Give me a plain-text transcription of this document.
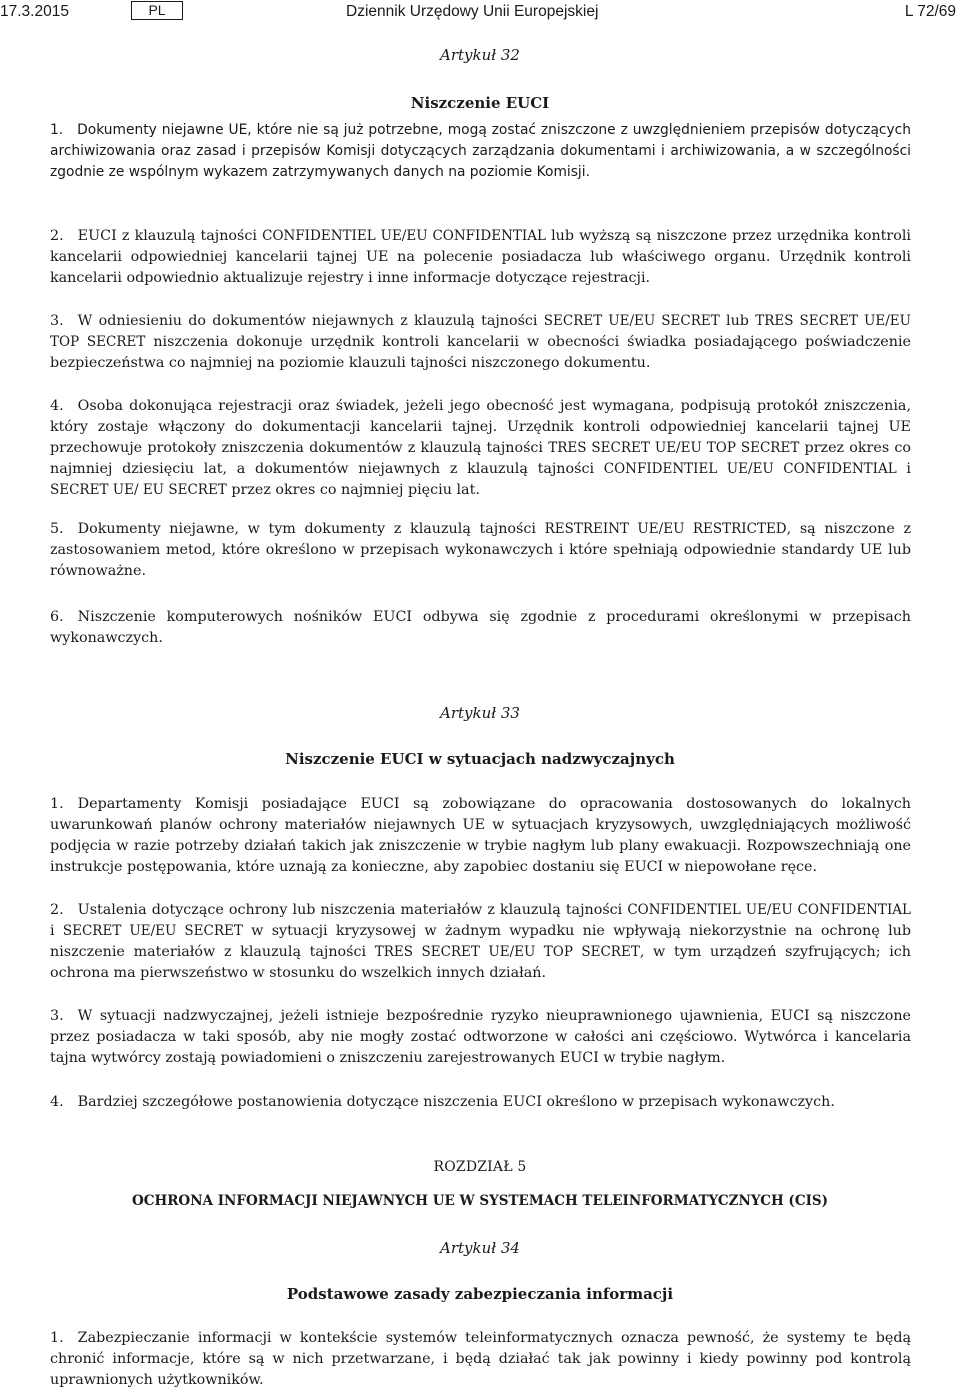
17.3.2015	PL	Dziennik Urzędowy Unii Europejskiej	L 72/69
Artykuł 32
Niszczenie EUCI

1. Dokumenty niejawne UE, które nie są już potrzebne, mogą zostać zniszczone z uwzględnieniem przepisów dotyczących archiwizowania oraz zasad i przepisów Komisji dotyczących zarządzania dokumentami i archiwizowania, a w szczególności zgodnie ze wspólnym wykazem zatrzymywanych danych na poziomie Komisji.

2. EUCI z klauzulą tajności CONFIDENTIEL UE/EU CONFIDENTIAL lub wyższą są niszczone przez urzędnika kontroli kancelarii odpowiedniej kancelarii tajnej UE na polecenie posiadacza lub właściwego organu. Urzędnik kontroli kancelarii odpowiednio aktualizuje rejestry i inne informacje dotyczące rejestracji.

3. W odniesieniu do dokumentów niejawnych z klauzulą tajności SECRET UE/EU SECRET lub TRES SECRET UE/EU TOP SECRET niszczenia dokonuje urzędnik kontroli kancelarii w obecności świadka posiadającego poświadczenie bezpieczeństwa co najmniej na poziomie klauzuli tajności niszczonego dokumentu.

4. Osoba dokonująca rejestracji oraz świadek, jeżeli jego obecność jest wymagana, podpisują protokół zniszczenia, który zostaje włączony do dokumentacji kancelarii tajnej. Urzędnik kontroli odpowiedniej kancelarii tajnej UE przechowuje protokoły zniszczenia dokumentów z klauzulą tajności TRES SECRET UE/EU TOP SECRET przez okres co najmniej dziesięciu lat, a dokumentów niejawnych z klauzulą tajności CONFIDENTIEL UE/EU CONFIDENTIAL i SECRET UE/ EU SECRET przez okres co najmniej pięciu lat.

5. Dokumenty niejawne, w tym dokumenty z klauzulą tajności RESTREINT UE/EU RESTRICTED, są niszczone z zastosowaniem metod, które określono w przepisach wykonawczych i które spełniają odpowiednie standardy UE lub równoważne.

6. Niszczenie komputerowych nośników EUCI odbywa się zgodnie z procedurami określonymi w przepisach wykonawczych.

Artykuł 33
Niszczenie EUCI w sytuacjach nadzwyczajnych

1. Departamenty Komisji posiadające EUCI są zobowiązane do opracowania dostosowanych do lokalnych uwarunkowań planów ochrony materiałów niejawnych UE w sytuacjach kryzysowych, uwzględniających możliwość podjęcia w razie potrzeby działań takich jak zniszczenie w trybie nagłym lub plany ewakuacji. Rozpowszechniają one instrukcje postępowania, które uznają za konieczne, aby zapobiec dostaniu się EUCI w niepowołane ręce.

2. Ustalenia dotyczące ochrony lub niszczenia materiałów z klauzulą tajności CONFIDENTIEL UE/EU CONFIDENTIAL i SECRET UE/EU SECRET w sytuacji kryzysowej w żadnym wypadku nie wpływają niekorzystnie na ochronę lub niszczenie materiałów z klauzulą tajności TRES SECRET UE/EU TOP SECRET, w tym urządzeń szyfrujących; ich ochrona ma pierwszeństwo w stosunku do wszelkich innych działań.

3. W sytuacji nadzwyczajnej, jeżeli istnieje bezpośrednie ryzyko nieuprawnionego ujawnienia, EUCI są niszczone przez posiadacza w taki sposób, aby nie mogły zostać odtworzone w całości ani częściowo. Wytwórca i kancelaria tajna wytwórcy zostają powiadomieni o zniszczeniu zarejestrowanych EUCI w trybie nagłym.

4. Bardziej szczegółowe postanowienia dotyczące niszczenia EUCI określono w przepisach wykonawczych.

ROZDZIAŁ 5
OCHRONA INFORMACJI NIEJAWNYCH UE W SYSTEMACH TELEINFORMATYCZNYCH (CIS)
Artykuł 34
Podstawowe zasady zabezpieczania informacji

1. Zabezpieczanie informacji w kontekście systemów teleinformatycznych oznacza pewność, że systemy te będą chronić informacje, które są w nich przetwarzane, i będą działać tak jak powinny i kiedy powinny pod kontrolą uprawnionych użytkowników.
